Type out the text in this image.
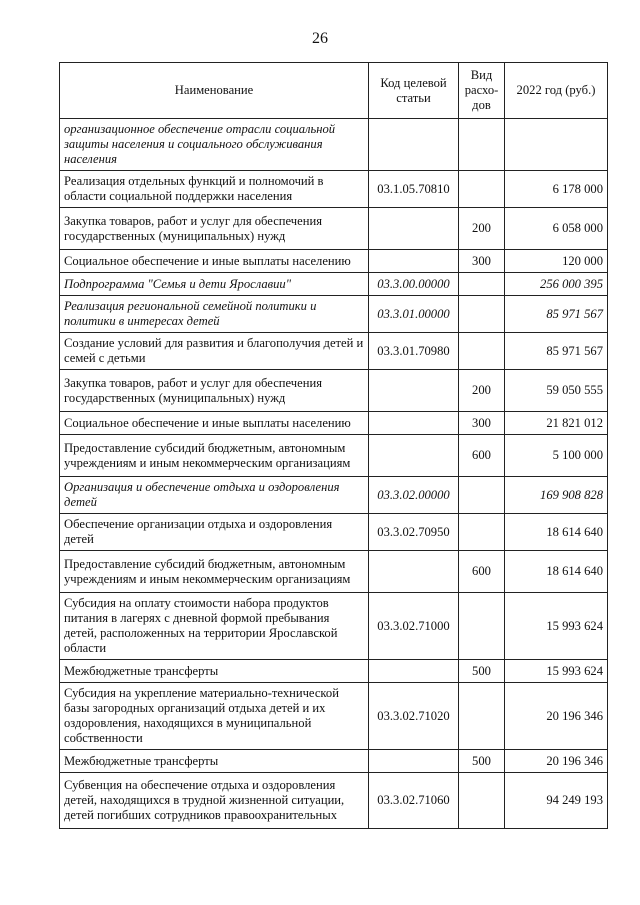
26
Наименование	Код целевой статьи	Вид расхо-дов	2022 год (руб.)
организационное обеспечение отрасли социальной защиты населения и социального обслуживания населения			
Реализация отдельных функций и полномочий в области социальной поддержки населения	03.1.05.70810		6 178 000
Закупка товаров, работ и услуг для обеспечения государственных (муниципальных) нужд		200	6 058 000
Социальное обеспечение и иные выплаты населению		300	120 000
Подпрограмма "Семья и дети Ярославии"	03.3.00.00000		256 000 395
Реализация региональной семейной политики и политики в интересах детей	03.3.01.00000		85 971 567
Создание условий для развития и благополучия детей и семей с детьми	03.3.01.70980		85 971 567
Закупка товаров, работ и услуг для обеспечения государственных (муниципальных) нужд		200	59 050 555
Социальное обеспечение и иные выплаты населению		300	21 821 012
Предоставление субсидий бюджетным, автономным учреждениям и иным некоммерческим организациям		600	5 100 000
Организация и обеспечение отдыха и оздоровления детей	03.3.02.00000		169 908 828
Обеспечение организации отдыха и оздоровления детей	03.3.02.70950		18 614 640
Предоставление субсидий бюджетным, автономным учреждениям и иным некоммерческим организациям		600	18 614 640
Субсидия на оплату стоимости набора продуктов питания в лагерях с дневной формой пребывания детей, расположенных на территории Ярославской области	03.3.02.71000		15 993 624
Межбюджетные трансферты		500	15 993 624
Субсидия на укрепление материально-технической базы загородных организаций отдыха детей и их оздоровления, находящихся в муниципальной собственности	03.3.02.71020		20 196 346
Межбюджетные трансферты		500	20 196 346
Субвенция на обеспечение отдыха и оздоровления детей, находящихся в трудной жизненной ситуации, детей погибших сотрудников правоохранительных	03.3.02.71060		94 249 193
